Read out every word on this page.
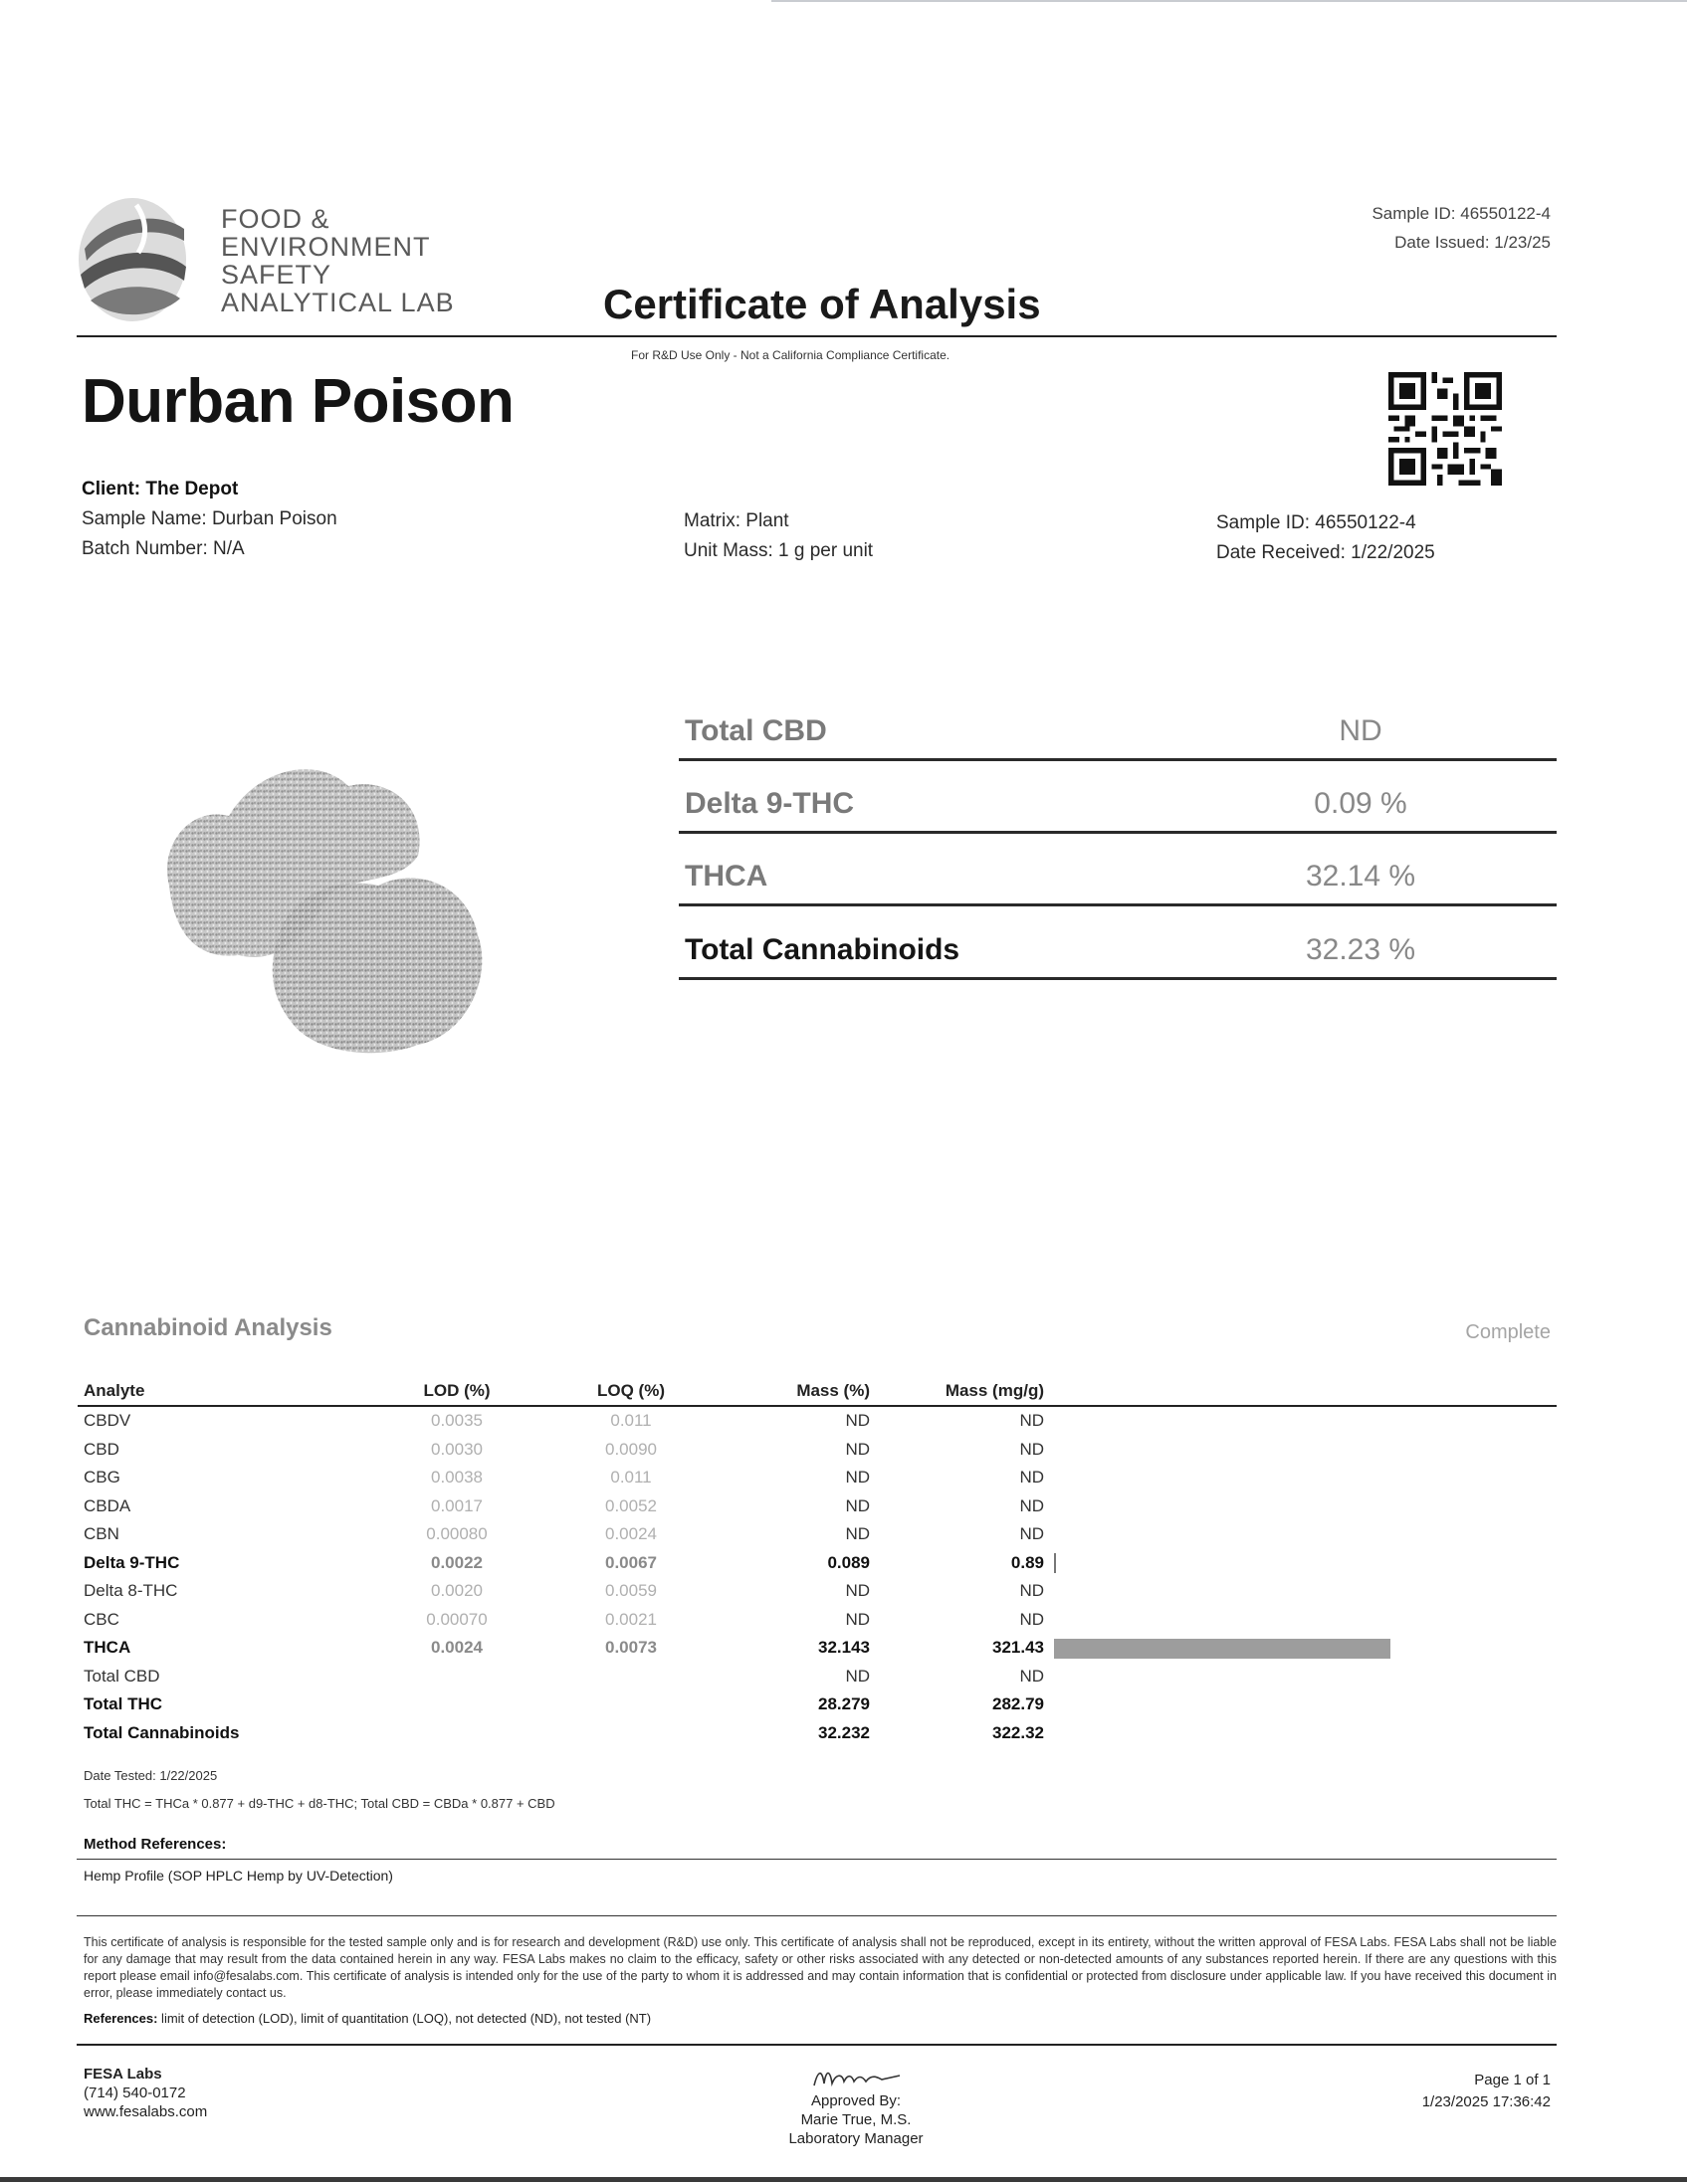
FOOD &
ENVIRONMENT
SAFETY
ANALYTICAL LAB
Sample ID: 46550122-4
Date Issued: 1/23/25
Certificate of Analysis
For R&D Use Only - Not a California Compliance Certificate.
Durban Poison
Client: The Depot
Sample Name: Durban Poison
Batch Number: N/A
Matrix: Plant
Unit Mass: 1 g per unit
Sample ID: 46550122-4
Date Received: 1/22/2025
Total CBD	ND
Delta 9-THC	0.09 %
THCA	32.14 %
Total Cannabinoids	32.23 %
Cannabinoid Analysis	Complete
Analyte	LOD (%)	LOQ (%)	Mass (%)	Mass (mg/g)	
CBDV	0.0035	0.011	ND	ND	
CBD	0.0030	0.0090	ND	ND	
CBG	0.0038	0.011	ND	ND	
CBDA	0.0017	0.0052	ND	ND	
CBN	0.00080	0.0024	ND	ND	
Delta 9-THC	0.0022	0.0067	0.089	0.89	
Delta 8-THC	0.0020	0.0059	ND	ND	
CBC	0.00070	0.0021	ND	ND	
THCA	0.0024	0.0073	32.143	321.43	
Total CBD			ND	ND	
Total THC			28.279	282.79	
Total Cannabinoids			32.232	322.32	
Date Tested: 1/22/2025
Total THC = THCa * 0.877 + d9-THC + d8-THC; Total CBD = CBDa * 0.877 + CBD
Method References:
Hemp Profile (SOP HPLC Hemp by UV-Detection)
This certificate of analysis is responsible for the tested sample only and is for research and development (R&D) use only. This certificate of analysis shall not be reproduced, except in its entirety, without the written approval of FESA Labs. FESA Labs shall not be liable for any damage that may result from the data contained herein in any way. FESA Labs makes no claim to the efficacy, safety or other risks associated with any detected or non-detected amounts of any substances reported herein. If there are any questions with this report please email info@fesalabs.com. This certificate of analysis is intended only for the use of the party to whom it is addressed and may contain information that is confidential or protected from disclosure under applicable law. If you have received this document in error, please immediately contact us.
References: limit of detection (LOD), limit of quantitation (LOQ), not detected (ND), not tested (NT)
FESA Labs
(714) 540-0172
www.fesalabs.com
Approved By:
Marie True, M.S.
Laboratory Manager
Page 1 of 1
1/23/2025 17:36:42
